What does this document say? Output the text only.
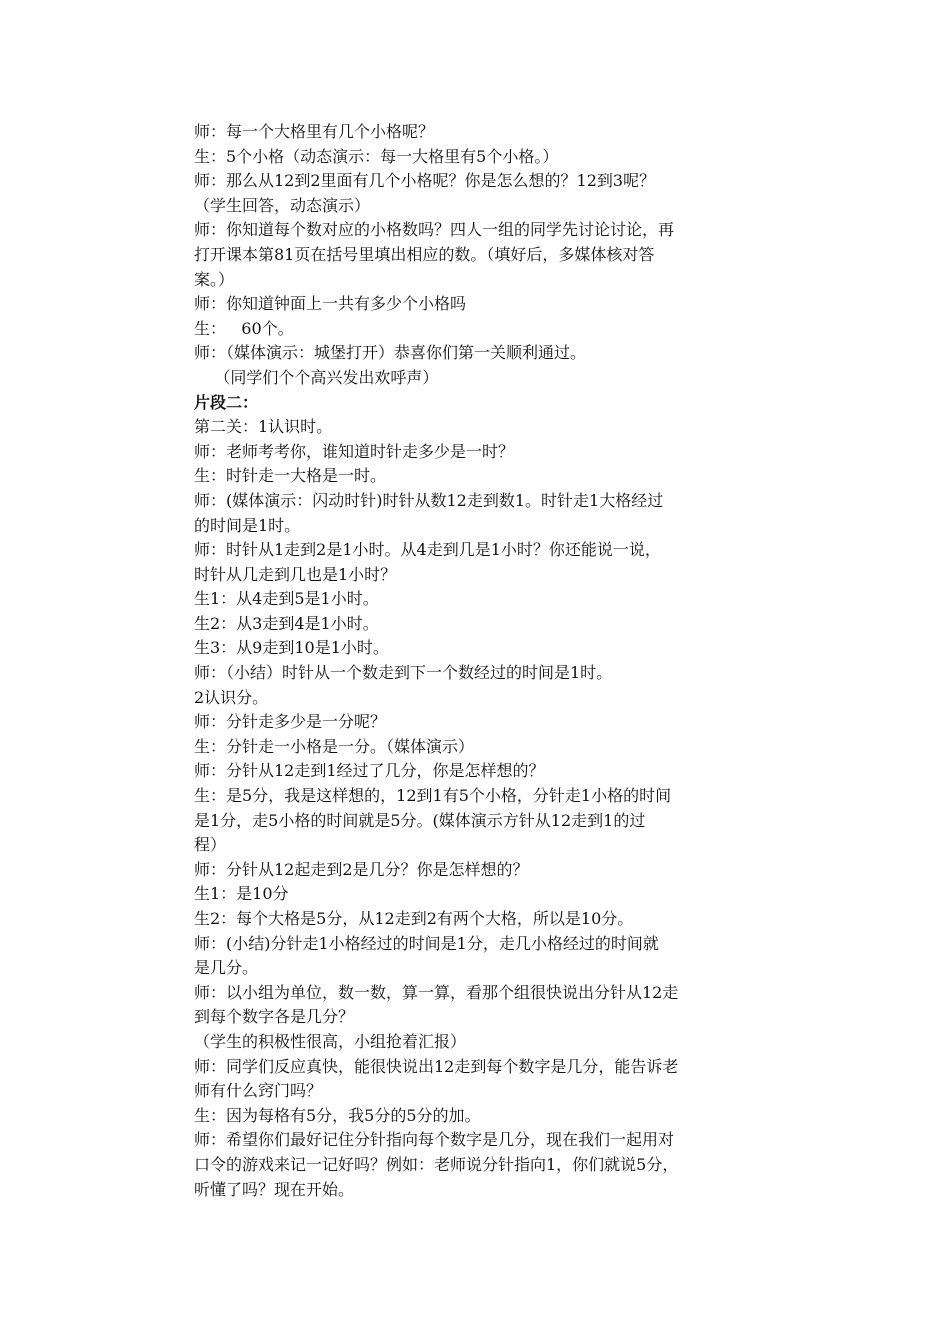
师：每一个大格里有几个小格呢？

生：5个小格（动态演示：每一大格里有5个小格。）

师：那么从12到2里面有几个小格呢？你是怎么想的？12到3呢？

（学生回答，动态演示）

师：你知道每个数对应的小格数吗？四人一组的同学先讨论讨论，再

打开课本第81页在括号里填出相应的数。（填好后，多媒体核对答

案。）

师：你知道钟面上一共有多少个小格吗

生：   60个。

师：（媒体演示：城堡打开）恭喜你们第一关顺利通过。

（同学们个个高兴发出欢呼声）

片段二：

第二关：1认识时。

师：老师考考你，谁知道时针走多少是一时？

生：时针走一大格是一时。

师：(媒体演示：闪动时针)时针从数12走到数1。时针走1大格经过

的时间是1时。

师：时针从1走到2是1小时。从4走到几是1小时？你还能说一说，

时针从几走到几也是1小时？

生1：从4走到5是1小时。

生2：从3走到4是1小时。

生3：从9走到10是1小时。

师：（小结）时针从一个数走到下一个数经过的时间是1时。

2认识分。

师：分针走多少是一分呢？

生：分针走一小格是一分。（媒体演示）

师：分针从12走到1经过了几分，你是怎样想的？

生：是5分，我是这样想的，12到1有5个小格，分针走1小格的时间

是1分，走5小格的时间就是5分。(媒体演示方针从12走到1的过

程）

师：分针从12起走到2是几分？你是怎样想的？

生1：是10分

生2：每个大格是5分，从12走到2有两个大格，所以是10分。

师：(小结)分针走1小格经过的时间是1分，走几小格经过的时间就

是几分。

师：以小组为单位，数一数，算一算，看那个组很快说出分针从12走

到每个数字各是几分？

（学生的积极性很高，小组抢着汇报）

师：同学们反应真快，能很快说出12走到每个数字是几分，能告诉老

师有什么窍门吗？

生：因为每格有5分，我5分的5分的加。

师：希望你们最好记住分针指向每个数字是几分，现在我们一起用对

口令的游戏来记一记好吗？例如：老师说分针指向1，你们就说5分，

听懂了吗？现在开始。
